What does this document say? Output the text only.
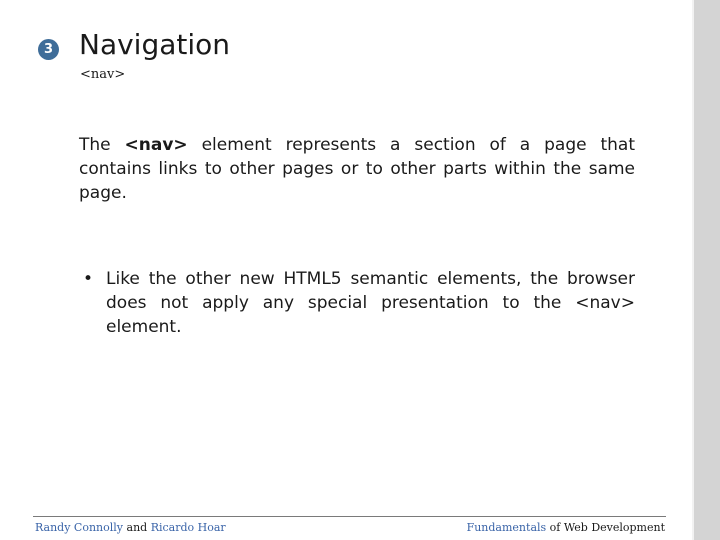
3 Navigation
<nav>

The <nav> element represents a section of a page that contains links to other pages or to other parts within the same page.

• Like the other new HTML5 semantic elements, the browser does not apply any special presentation to the <nav> element.
Randy Connolly and Ricardo Hoar	Fundamentals of Web Development
